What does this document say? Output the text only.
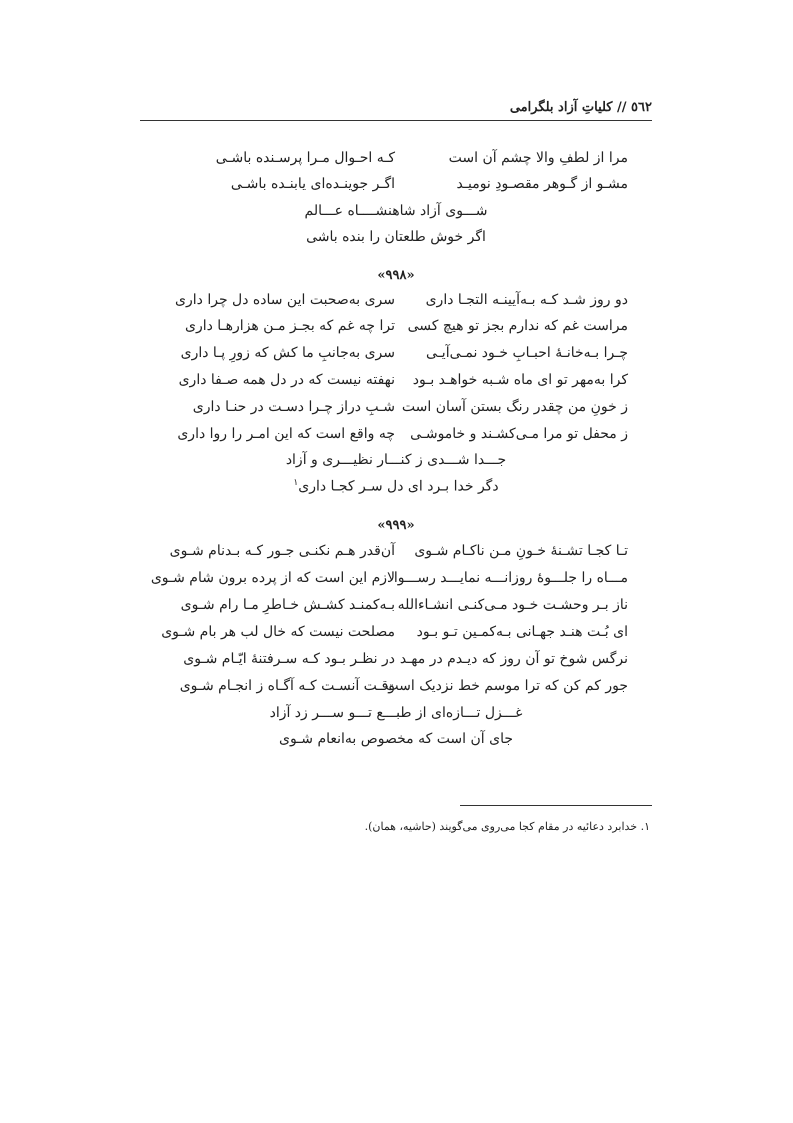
٥٦٢ // کلیاتِ آزاد بلگرامی
مرا از لطفِ والا چشم آن است
کـه احـوال مـرا پرسـنده باشـی
مشـو از گـوهر مقصـودِ نومیـد
اگـر جوینـده‌ای یابنـده باشـی
شـــوی آزاد شاهنشــــاه عـــالم
اگر خوش طلعتان را بنده باشی
«٩٩٨»
دو روز شـد کـه بـه‌آیینـه التجـا داری
سری به‌صحبت این ساده دل چرا داری
مراست غم که ندارم بجز تو هیچ کسی
ترا چه غم که بجـز مـن هزارهـا داری
چـرا بـه‌خانـۀ احبـابِ خـود نمـی‌آیـی
سری به‌جانبِ ما کش که زورِ پـا داری
کرا به‌مهر تو ای ماه شـبه خواهـد بـود
نهفته نیست که در دل همه صـفا داری
ز خونِ من چقدر رنگ بستن آسان است
شـبِ دراز چـرا دسـت در حنـا داری
ز محفل تو مرا مـی‌کشـند و خاموشـی
چه واقع است که این امـر را روا داری
جـــدا شـــدی ز کنـــار نظیـــری و آزاد
دگر خدا بـرد ای دل سـر کجـا داری$^١$
«٩٩٩»
تـا کجـا تشـنۀ خـونِ مـن ناکـام شـوی
آن‌قدر هـم نکنـی جـور کـه بـدنام شـوی
مـــاه را جلـــوۀ روزانـــه نمایـــد رســـوا
لازم این است که از پرده برون شام شـوی
ناز بـر وحشـت خـود مـی‌کنـی انشـاءالله
بـه‌کمنـد کشـش خـاطرِ مـا رام شـوی
ای بُـت هنـد جهـانی بـه‌کمـین تـو بـود
مصلحت نیست که خال لب هر بام شـوی
نرگس شوخ تو آن روز که دیـدم در مهـد
در نظـر بـود کـه سـرفتنۀ ایّـام شـوی
جور کم کن که ترا موسم خط نزدیک است
وقـت آنسـت کـه آگـاه ز انجـام شـوی
غـــزل تـــازه‌ای از طبـــع تـــو ســـر زد آزاد
جای آن است که مخصوص به‌انعام شـوی
١. خدابرد دعائیه در مقام کجا می‌روی می‌گویند (حاشیه، همان).
